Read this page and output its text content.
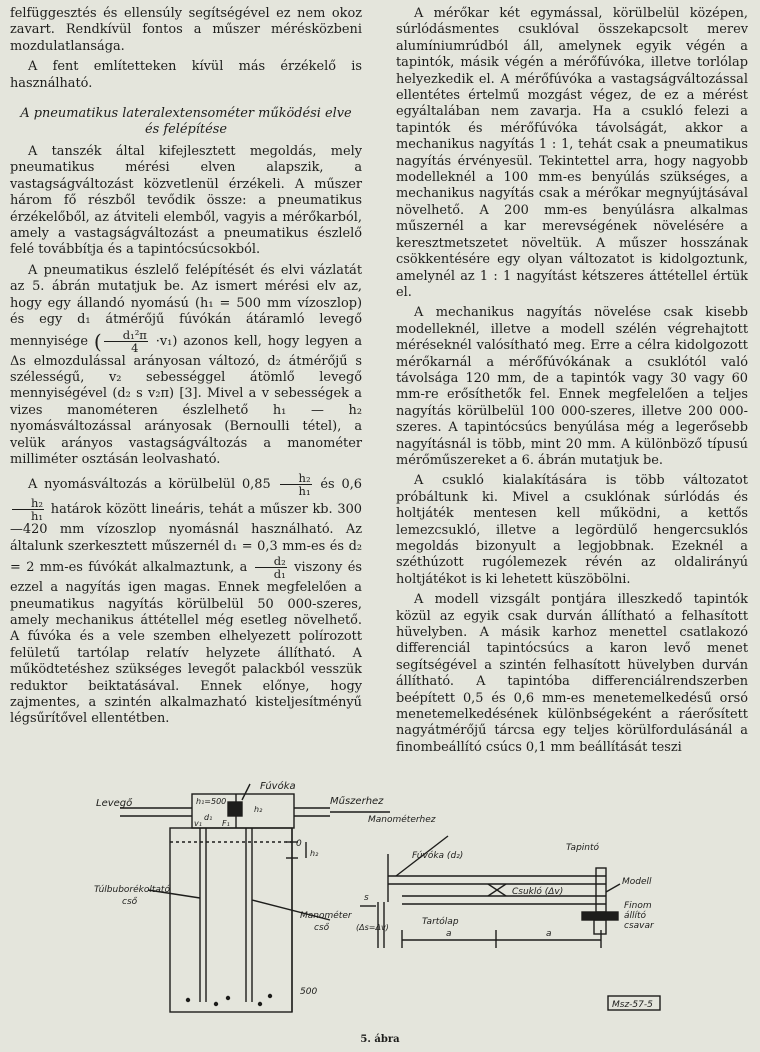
felfüggesztés és ellensúly segítségével ez nem okoz zavart. Rendkívül fontos a műszer mérésközbeni mozdulatlansága.

A fent említetteken kívül más érzékelő is használható.

A pneumatikus lateralextensométer működési elve
és felépítése

A tanszék által kifejlesztett megoldás, mely pneumatikus mérési elven alapszik, a vastagságváltozást közvetlenül érzékeli. A műszer három fő részből tevődik össze: a pneumatikus érzékelőből, az átviteli elemből, vagyis a mérőkarból, amely a vastagságváltozást a pneumatikus észlelő felé továbbítja és a tapintócsúcsokból.

A pneumatikus észlelő felépítését és elvi vázlatát az 5. ábrán mutatjuk be. Az ismert mérési elv az, hogy egy állandó nyomású (h₁ = 500 mm vízoszlop) és egy d₁ átmérőjű fúvókán átáramló levegő mennyisége ( $\frac{\text{d₁²π}}{4} \cdot v_1$) azonos kell, hogy legyen a Δs elmozdulással arányosan változó, d₂ átmérőjű s szélességű, v₂ sebességgel átömlő levegő mennyiségével (d₂ s v₂π) [3]. Mivel a v sebességek a vizes manométeren észlelhető h₁ — h₂ nyomásváltozással arányosak (Bernoulli tétel), a velük arányos vastagságváltozás a manométer milliméter osztásán leolvasható.

A nyomásváltozás a körülbelül $0,85 \frac{\text{h₂}}{\text{h₁}}$ és 0,6
$\frac{\text{h₂}}{\text{h₁}}$ határok között lineáris, tehát a műszer kb. 300—420 mm vízoszlop nyomásnál használható. Az általunk szerkesztett műszernél d₁ = 0,3 mm-es és d₂ = 2 mm-es fúvókát alkalmaztunk, a $\frac{\text{d₂}}{\text{d₁}}$ viszony és ezzel a nagyítás igen magas. Ennek megfelelően a pneumatikus nagyítás körülbelül 50 000-szeres, amely mechanikus áttétellel még esetleg növelhető. A fúvóka és a vele szemben elhelyezett polírozott felületű tartólap relatív helyzete állítható. A működtetéshez szükséges levegőt palackból vesszük reduktor beiktatásával. Ennek előnye, hogy zajmentes, a szintén alkalmazható kisteljesítményű légsűrítővel ellentétben.

A mérőkar két egymással, körülbelül középen, súrlódásmentes csuklóval összekapcsolt merev alumíniumrúdból áll, amelynek egyik végén a tapintók, másik végén a mérőfúvóka, illetve torlólap helyezkedik el. A mérőfúvóka a vastagságváltozással ellentétes értelmű mozgást végez, de ez a mérést egyáltalában nem zavarja. Ha a csukló felezi a tapintók és mérőfúvóka távolságát, akkor a mechanikus nagyítás 1 : 1, tehát csak a pneumatikus nagyítás érvényesül. Tekintettel arra, hogy nagyobb modelleknél a 100 mm-es benyúlás szükséges, a mechanikus nagyítás csak a mérőkar megnyújtásával növelhető. A 200 mm-es benyúlásra alkalmas műszernél a kar merevségének növelésére a keresztmetszetet növeltük. A műszer hosszának csökkentésére egy olyan változatot is kidolgoztunk, amelynél az 1 : 1 nagyítást kétszeres áttétellel értük el.

A mechanikus nagyítás növelése csak kisebb modelleknél, illetve a modell szélén végrehajtott méréseknél valósítható meg. Erre a célra kidolgozott mérőkarnál a mérőfúvókának a csuklótól való távolsága 120 mm, de a tapintók vagy 30 vagy 60 mm-re erősíthetők fel. Ennek megfelelően a teljes nagyítás körülbelül 100 000-szeres, illetve 200 000-szeres. A tapintócsúcs benyúlása még a legerősebb nagyításnál is több, mint 20 mm. A különböző típusú mérőműszereket a 6. ábrán mutatjuk be.

A csukló kialakítására is több változatot próbáltunk ki. Mivel a csuklónak súrlódás és holtjáték mentesen kell működni, a kettős lemezcsukló, illetve a legördülő hengercsuklós megoldás bizonyult a legjobbnak. Ezeknél a széthúzott rugólemezek révén az oldalirányú holtjátékot is ki lehetett küszöbölni.

A modell vizsgált pontjára illeszkedő tapintók közül az egyik csak durván állítható a felhasított hüvelyben. A másik karhoz menettel csatlakozó differenciál tapintócsúcs a karon levő menet segítségével a szintén felhasított hüvelyben durván állítható. A tapintóba differenciálrendszerben beépített 0,5 és 0,6 mm-es menetemelkedésű orsó menetemelkedésének különbségeként a ráerősített nagyátmérőjű tárcsa egy teljes körülfordulásánál a finombeállító csúcs 0,1 mm beállítását teszi

Fúvóka
Levegő	h₁=500
d₁
v₁	F₁
h₂
Műszerhez
0
h₂
Túlbuborékoltató
cső
Manométer
cső
500
Manométerhez
Fúvóka (d₂)
Tapintó
Csukló (Δv)
s
(Δs=Δv)
Tartólap
Modell
Finom
állító
csavar
a	a
Msz-57-5
5. ábra
